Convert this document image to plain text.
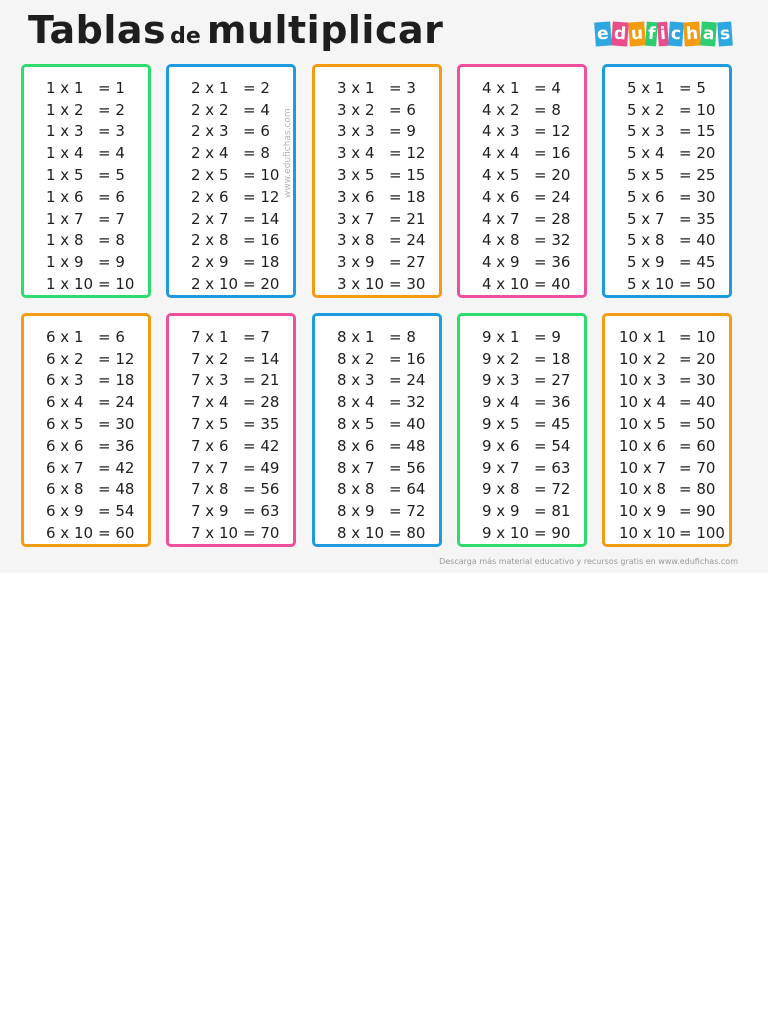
Tablas de multiplicar	e d u f i c h a s
1 x 1 = 1
1 x 2 = 2
1 x 3 = 3
1 x 4 = 4
1 x 5 = 5
1 x 6 = 6
1 x 7 = 7
1 x 8 = 8
1 x 9 = 9
1 x 10 = 10
2 x 1 = 2
2 x 2 = 4
2 x 3 = 6
2 x 4 = 8
2 x 5 = 10
2 x 6 = 12
2 x 7 = 14
2 x 8 = 16
2 x 9 = 18
2 x 10 = 20
3 x 1 = 3
3 x 2 = 6
3 x 3 = 9
3 x 4 = 12
3 x 5 = 15
3 x 6 = 18
3 x 7 = 21
3 x 8 = 24
3 x 9 = 27
3 x 10 = 30
4 x 1 = 4
4 x 2 = 8
4 x 3 = 12
4 x 4 = 16
4 x 5 = 20
4 x 6 = 24
4 x 7 = 28
4 x 8 = 32
4 x 9 = 36
4 x 10 = 40
5 x 1 = 5
5 x 2 = 10
5 x 3 = 15
5 x 4 = 20
5 x 5 = 25
5 x 6 = 30
5 x 7 = 35
5 x 8 = 40
5 x 9 = 45
5 x 10 = 50
6 x 1 = 6
6 x 2 = 12
6 x 3 = 18
6 x 4 = 24
6 x 5 = 30
6 x 6 = 36
6 x 7 = 42
6 x 8 = 48
6 x 9 = 54
6 x 10 = 60
7 x 1 = 7
7 x 2 = 14
7 x 3 = 21
7 x 4 = 28
7 x 5 = 35
7 x 6 = 42
7 x 7 = 49
7 x 8 = 56
7 x 9 = 63
7 x 10 = 70
8 x 1 = 8
8 x 2 = 16
8 x 3 = 24
8 x 4 = 32
8 x 5 = 40
8 x 6 = 48
8 x 7 = 56
8 x 8 = 64
8 x 9 = 72
8 x 10 = 80
9 x 1 = 9
9 x 2 = 18
9 x 3 = 27
9 x 4 = 36
9 x 5 = 45
9 x 6 = 54
9 x 7 = 63
9 x 8 = 72
9 x 9 = 81
9 x 10 = 90
10 x 1 = 10
10 x 2 = 20
10 x 3 = 30
10 x 4 = 40
10 x 5 = 50
10 x 6 = 60
10 x 7 = 70
10 x 8 = 80
10 x 9 = 90
10 x 10 = 100
www.edufichas.com
Descarga más material educativo y recursos gratis en www.edufichas.com
